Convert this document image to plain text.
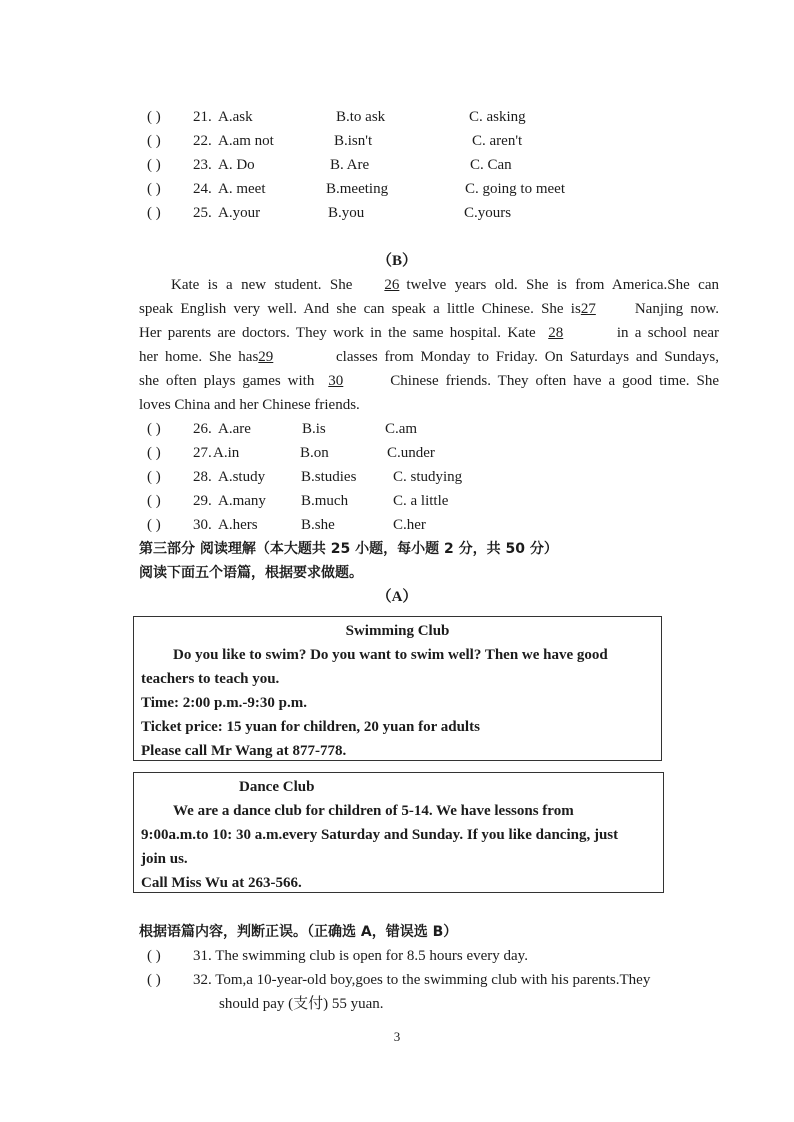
( ) 21. A.ask	B.to ask	C. asking
( ) 22. A.am not	B.isn't	C. aren't
( ) 23. A. Do	B. Are	C. Can
( ) 24. A. meet	B.meeting	C. going to meet
( ) 25. A.your	B.you	C.yours
（B）

Kate is a new student. She 26 twelve years old. She is from America.She can

speak English very well. And she can speak a little Chinese. She is27	Nanjing now.

Her parents are doctors. They work in the same hospital. Kate 28	in a school near

her home. She has29	classes from Monday to Friday. On Saturdays and Sundays,

she often plays games with 30	Chinese friends. They often have a good time. She

loves China and her Chinese friends.

( ) 26. A.are	B.is	C.am
( ) 27. A.in	B.on	C.under
( ) 28. A.study B.studies C. studying
( ) 29. A.many B.much	C. a little
( ) 30. A.hers	B.she	C.her
第三部分 阅读理解（本大题共 25 小题，每小题 2 分，共 50 分）
阅读下面五个语篇，根据要求做题。
（A）
Swimming Club
Do you like to swim? Do you want to swim well? Then we have good
teachers to teach you.
Time: 2:00 p.m.-9:30 p.m.
Ticket price: 15 yuan for children, 20 yuan for adults
Please call Mr Wang at 877-778.
Dance Club
We are a dance club for children of 5-14. We have lessons from
9:00a.m.to 10: 30 a.m.every Saturday and Sunday. If you like dancing, just
join us.
Call Miss Wu at 263-566.
根据语篇内容，判断正误。（正确选 A，错误选 B）
( ) 31. The swimming club is open for 8.5 hours every day.
( ) 32. Tom,a 10-year-old boy,goes to the swimming club with his parents.They
should pay (支付) 55 yuan.
3
